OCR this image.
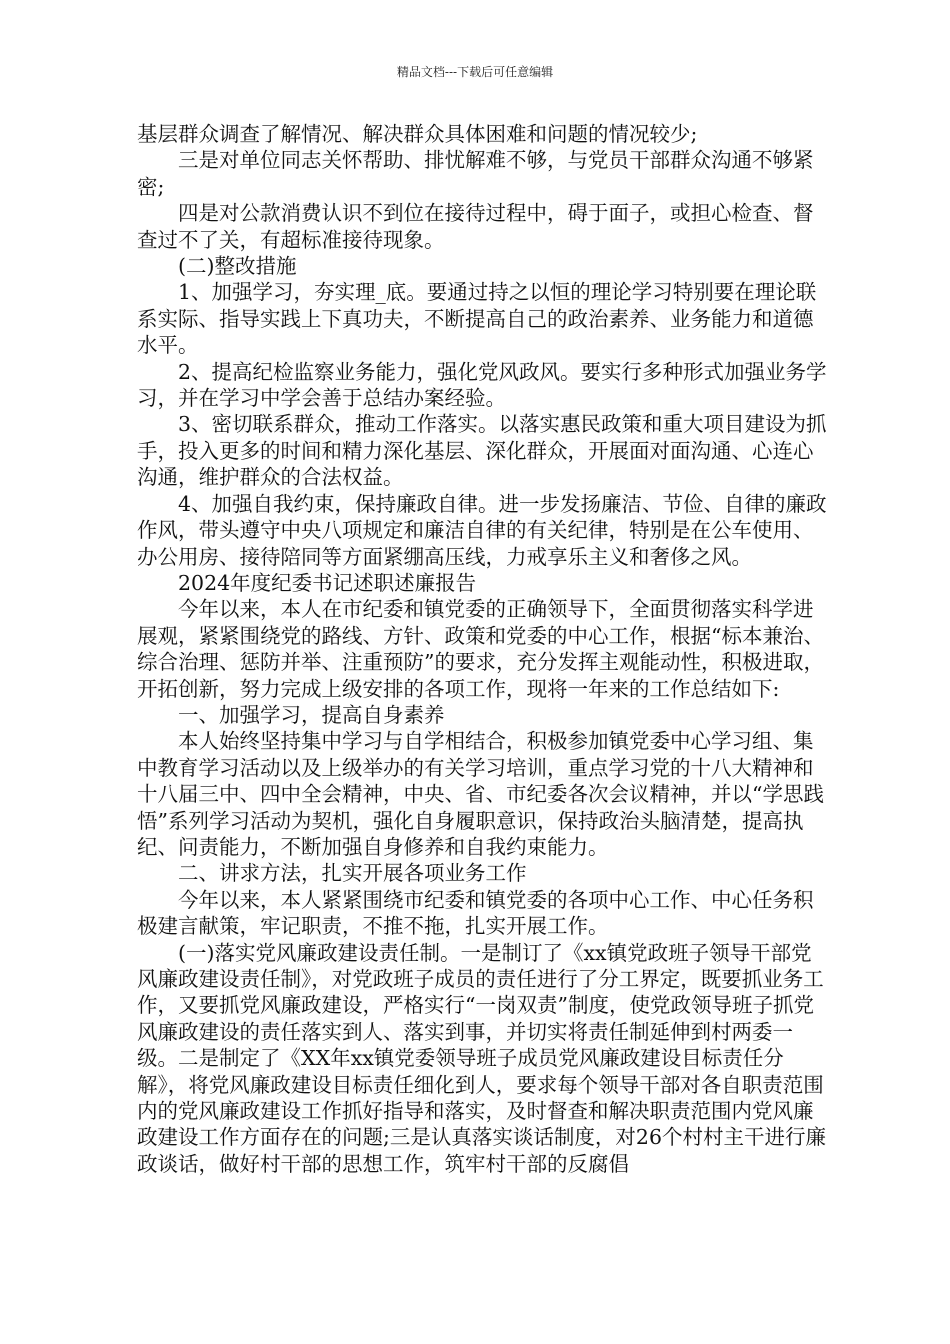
精品文档---下载后可任意编辑

基层群众调查了解情况、解决群众具体困难和问题的情况较少;

三是对单位同志关怀帮助、排忧解难不够，与党员干部群众沟通不够紧密;

四是对公款消费认识不到位在接待过程中，碍于面子，或担心检查、督查过不了关，有超标准接待现象。

(二)整改措施

1、加强学习，夯实理_底。要通过持之以恒的理论学习特别要在理论联系实际、指导实践上下真功夫，不断提高自己的政治素养、业务能力和道德水平。

2、提高纪检监察业务能力，强化党风政风。要实行多种形式加强业务学习，并在学习中学会善于总结办案经验。

3、密切联系群众，推动工作落实。以落实惠民政策和重大项目建设为抓手，投入更多的时间和精力深化基层、深化群众，开展面对面沟通、心连心沟通，维护群众的合法权益。

4、加强自我约束，保持廉政自律。进一步发扬廉洁、节俭、自律的廉政作风，带头遵守中央八项规定和廉洁自律的有关纪律，特别是在公车使用、办公用房、接待陪同等方面紧绷高压线，力戒享乐主义和奢侈之风。

2024年度纪委书记述职述廉报告

今年以来，本人在市纪委和镇党委的正确领导下，全面贯彻落实科学进展观，紧紧围绕党的路线、方针、政策和党委的中心工作，根据“标本兼治、综合治理、惩防并举、注重预防”的要求，充分发挥主观能动性，积极进取，开拓创新，努力完成上级安排的各项工作，现将一年来的工作总结如下:

一、加强学习，提高自身素养

本人始终坚持集中学习与自学相结合，积极参加镇党委中心学习组、集中教育学习活动以及上级举办的有关学习培训，重点学习党的十八大精神和十八届三中、四中全会精神，中央、省、市纪委各次会议精神，并以“学思践悟”系列学习活动为契机，强化自身履职意识，保持政治头脑清楚，提高执纪、问责能力，不断加强自身修养和自我约束能力。

二、讲求方法，扎实开展各项业务工作

今年以来，本人紧紧围绕市纪委和镇党委的各项中心工作、中心任务积极建言献策，牢记职责，不推不拖，扎实开展工作。

(一)落实党风廉政建设责任制。一是制订了《xx镇党政班子领导干部党风廉政建设责任制》，对党政班子成员的责任进行了分工界定，既要抓业务工作，又要抓党风廉政建设，严格实行“一岗双责”制度，使党政领导班子抓党风廉政建设的责任落实到人、落实到事，并切实将责任制延伸到村两委一级。二是制定了《XX年xx镇党委领导班子成员党风廉政建设目标责任分解》，将党风廉政建设目标责任细化到人，要求每个领导干部对各自职责范围内的党风廉政建设工作抓好指导和落实，及时督查和解决职责范围内党风廉政建设工作方面存在的问题;三是认真落实谈话制度，对26个村村主干进行廉政谈话，做好村干部的思想工作，筑牢村干部的反腐倡
